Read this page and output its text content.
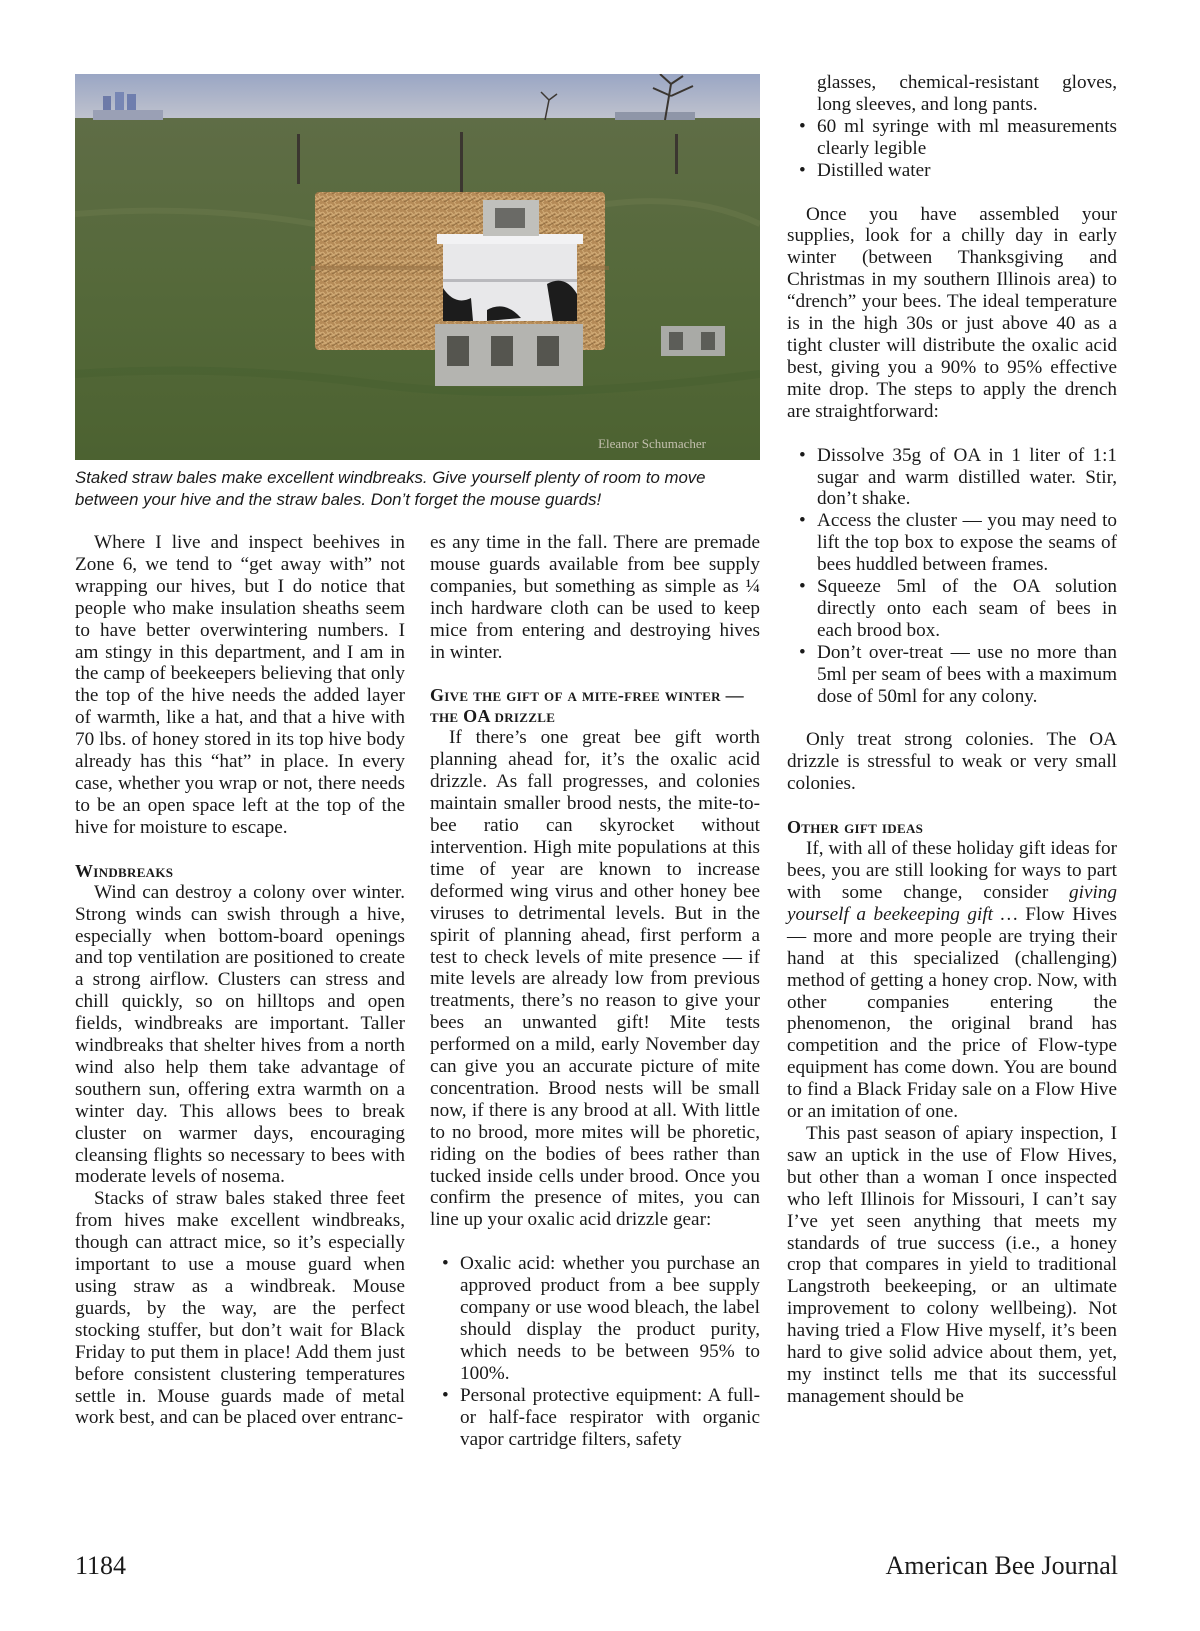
Eleanor Schumacher
Staked straw bales make excellent windbreaks. Give yourself plenty of room to move between your hive and the straw bales. Don’t forget the mouse guards!

Where I live and inspect beehives in Zone 6, we tend to “get away with” not wrapping our hives, but I do notice that people who make insulation sheaths seem to have better overwintering numbers. I am stingy in this department, and I am in the camp of beekeepers believing that only the top of the hive needs the added layer of warmth, like a hat, and that a hive with 70 lbs. of honey stored in its top hive body already has this “hat” in place. In every case, whether you wrap or not, there needs to be an open space left at the top of the hive for moisture to escape.

Windbreaks

Wind can destroy a colony over winter. Strong winds can swish through a hive, especially when bottom-board openings and top ventilation are positioned to create a strong airflow. Clusters can stress and chill quickly, so on hilltops and open fields, windbreaks are important. Taller windbreaks that shelter hives from a north wind also help them take advantage of southern sun, offering extra warmth on a winter day. This allows bees to break cluster on warmer days, encouraging cleansing flights so necessary to bees with moderate levels of nosema.

Stacks of straw bales staked three feet from hives make excellent windbreaks, though can attract mice, so it’s especially important to use a mouse guard when using straw as a windbreak. Mouse guards, by the way, are the perfect stocking stuffer, but don’t wait for Black Friday to put them in place! Add them just before consistent clustering temperatures settle in. Mouse guards made of metal work best, and can be placed over entranc-

es any time in the fall. There are premade mouse guards available from bee supply companies, but something as simple as ¼ inch hardware cloth can be used to keep mice from entering and destroying hives in winter.

Give the gift of a mite-free winter — the OA drizzle

If there’s one great bee gift worth planning ahead for, it’s the oxalic acid drizzle. As fall progresses, and colonies maintain smaller brood nests, the mite-to-bee ratio can skyrocket without intervention. High mite populations at this time of year are known to increase deformed wing virus and other honey bee viruses to detrimental levels. But in the spirit of planning ahead, first perform a test to check levels of mite presence — if mite levels are already low from previous treatments, there’s no reason to give your bees an unwanted gift! Mite tests performed on a mild, early November day can give you an accurate picture of mite concentration. Brood nests will be small now, if there is any brood at all. With little to no brood, more mites will be phoretic, riding on the bodies of bees rather than tucked inside cells under brood. Once you confirm the presence of mites, you can line up your oxalic acid drizzle gear:

• Oxalic acid: whether you purchase an approved product from a bee supply company or use wood bleach, the label should display the product purity, which needs to be between 95% to 100%.
• Personal protective equipment: A full- or half-face respirator with organic vapor cartridge filters, safety
glasses, chemical-resistant gloves, long sleeves, and long pants.
• 60 ml syringe with ml measurements clearly legible
• Distilled water

Once you have assembled your supplies, look for a chilly day in early winter (between Thanksgiving and Christmas in my southern Illinois area) to “drench” your bees. The ideal temperature is in the high 30s or just above 40 as a tight cluster will distribute the oxalic acid best, giving you a 90% to 95% effective mite drop. The steps to apply the drench are straightforward:

• Dissolve 35g of OA in 1 liter of 1:1 sugar and warm distilled water. Stir, don’t shake.
• Access the cluster — you may need to lift the top box to expose the seams of bees huddled between frames.
• Squeeze 5ml of the OA solution directly onto each seam of bees in each brood box.
• Don’t over-treat — use no more than 5ml per seam of bees with a maximum dose of 50ml for any colony.

Only treat strong colonies. The OA drizzle is stressful to weak or very small colonies.

Other gift ideas

If, with all of these holiday gift ideas for bees, you are still looking for ways to part with some change, consider giving yourself a beekeeping gift … Flow Hives — more and more people are trying their hand at this specialized (challenging) method of getting a honey crop. Now, with other companies entering the phenomenon, the original brand has competition and the price of Flow-type equipment has come down. You are bound to find a Black Friday sale on a Flow Hive or an imitation of one.

This past season of apiary inspection, I saw an uptick in the use of Flow Hives, but other than a woman I once inspected who left Illinois for Missouri, I can’t say I’ve yet seen anything that meets my standards of true success (i.e., a honey crop that compares in yield to traditional Langstroth beekeeping, or an ultimate improvement to colony wellbeing). Not having tried a Flow Hive myself, it’s been hard to give solid advice about them, yet, my instinct tells me that its successful management should be

1184	American Bee Journal
